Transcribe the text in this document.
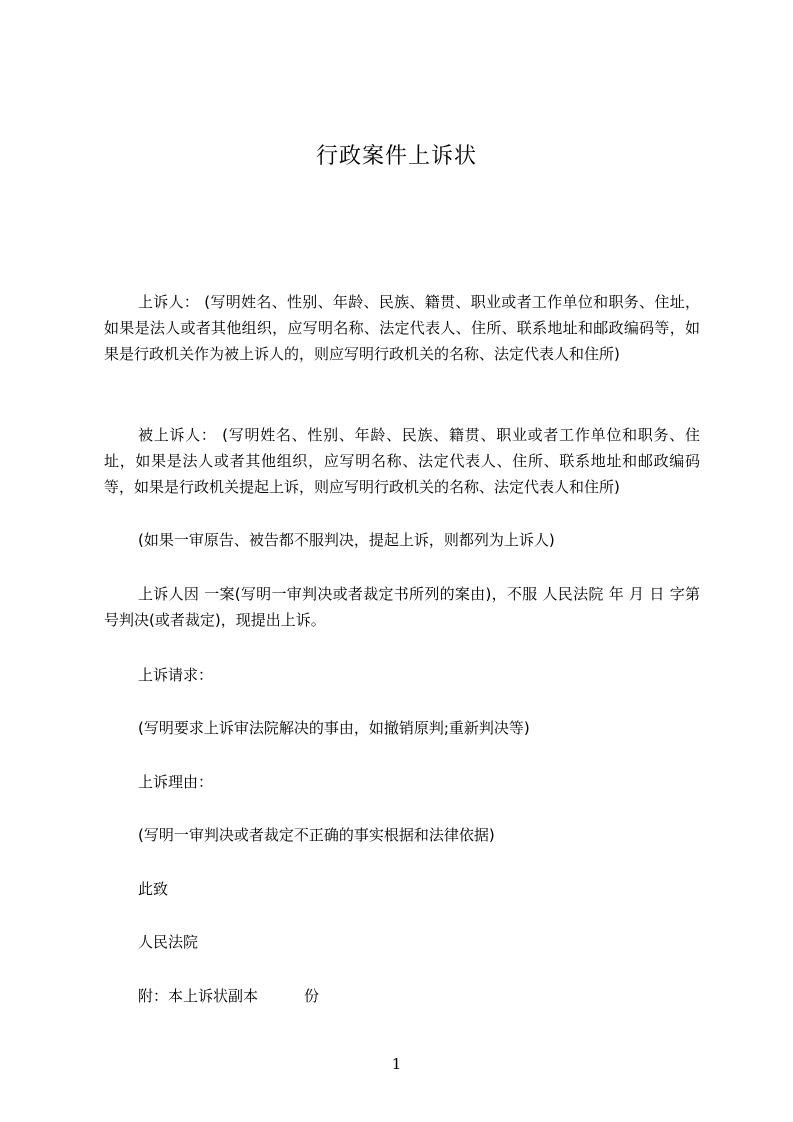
行政案件上诉状

上诉人： (写明姓名、性别、年龄、民族、籍贯、职业或者工作单位和职务、住址，如果是法人或者其他组织，应写明名称、法定代表人、住所、联系地址和邮政编码等，如果是行政机关作为被上诉人的，则应写明行政机关的名称、法定代表人和住所)

被上诉人： (写明姓名、性别、年龄、民族、籍贯、职业或者工作单位和职务、住址，如果是法人或者其他组织，应写明名称、法定代表人、住所、联系地址和邮政编码等，如果是行政机关提起上诉，则应写明行政机关的名称、法定代表人和住所)

(如果一审原告、被告都不服判决，提起上诉，则都列为上诉人)

上诉人因 一案(写明一审判决或者裁定书所列的案由)，不服 人民法院 年 月 日 字第 号判决(或者裁定)，现提出上诉。

上诉请求：
(写明要求上诉审法院解决的事由，如撤销原判;重新判决等)
上诉理由：
(写明一审判决或者裁定不正确的事实根据和法律依据)
此致
人民法院
附：本上诉状副本	份
1
